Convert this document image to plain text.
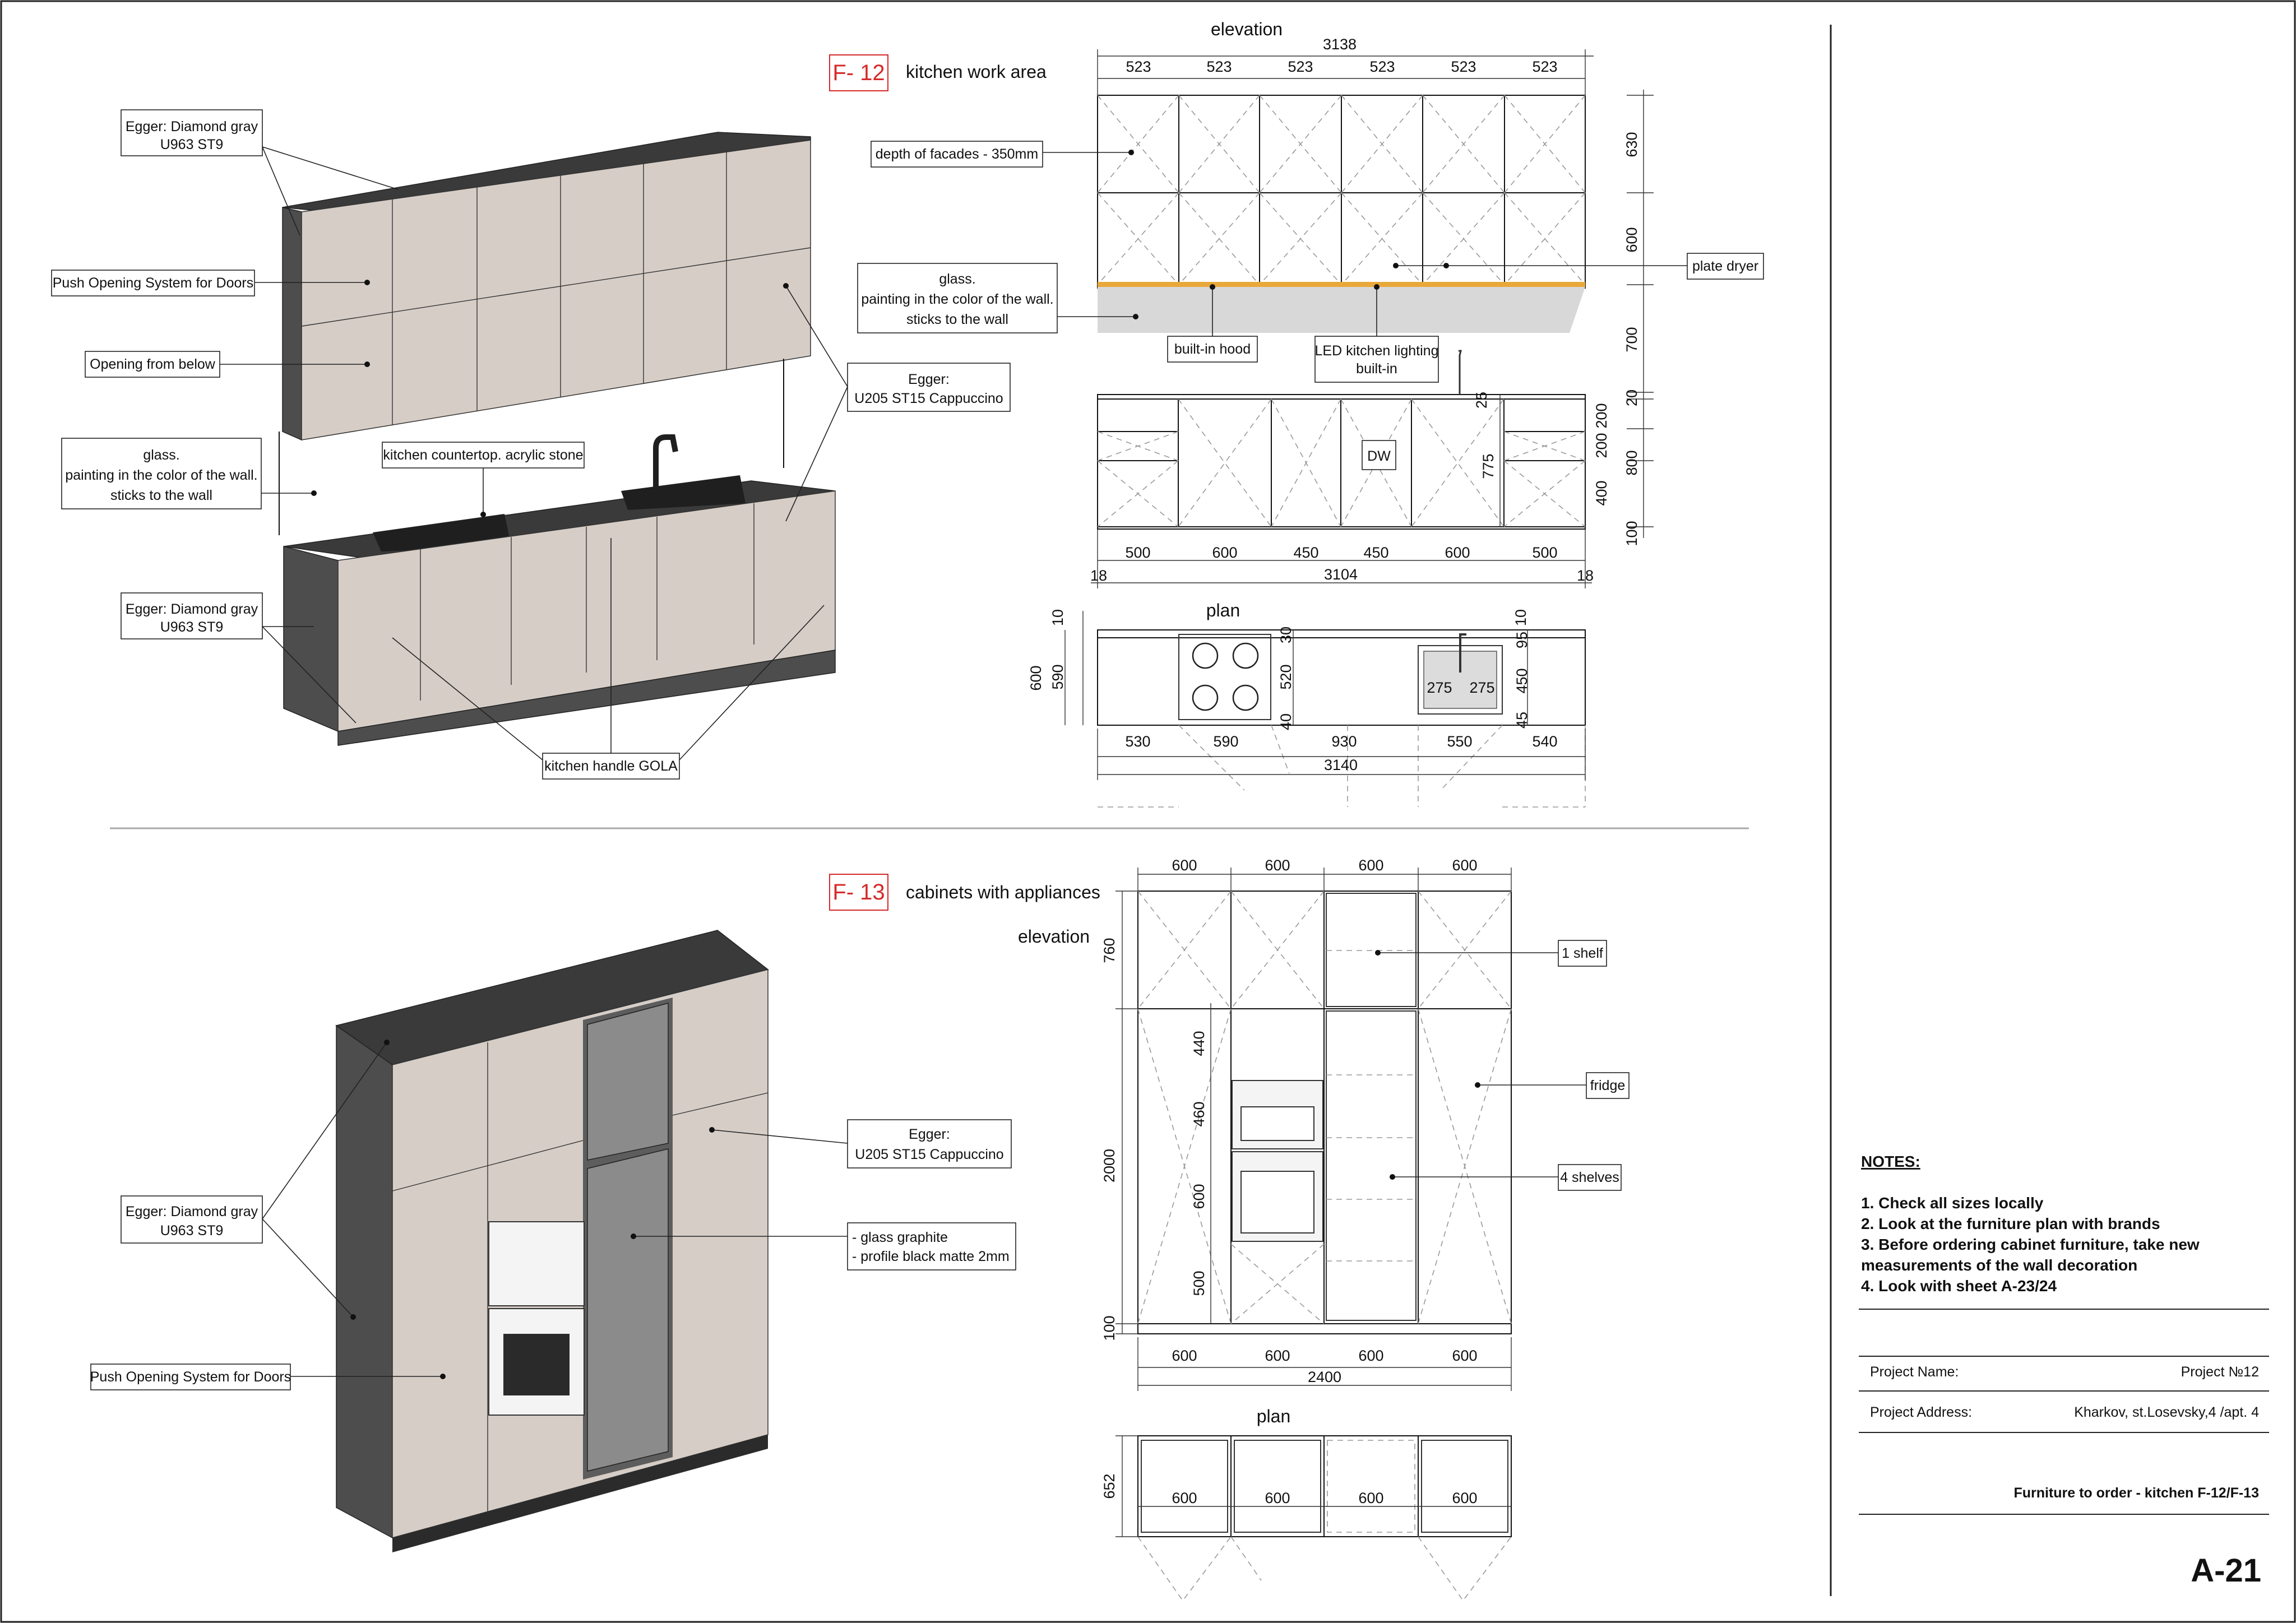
Egger: Diamond gray
U963 ST9
Push Opening System for Doors
Opening from below
glass.
painting in the color of the wall.
sticks to the wall
kitchen countertop. acrylic stone
Egger: Diamond gray
U963 ST9
kitchen handle GOLA
Egger:
U205 ST15 Cappuccino
F- 12 kitchen work area
elevation
DW
3138
523	523	523	523	523	523
630
600
700
20
25
200
200
800
400
100
775
500	600	450	450	600	500
3104
18	18
depth of facades - 350mm
glass.
painting in the color of the wall.
sticks to the wall
built-in hood	LED kitchen lighting
built-in
plate dryer
plan
600
10
590
30
520
40
275 275
95
10
450
45
530	590	930	550	540
3140
Egger: Diamond gray
U963 ST9
Push Opening System for Doors
Egger:
U205 ST15 Cappuccino
- glass graphite
- profile black matte 2mm
F- 13 cabinets with appliances
elevation
600	600	600	600
760
2000
100
440
460
600
500
600	600	600	600
2400
1 shelf
fridge
4 shelves
plan
652	600	600	600	600
NOTES:
1. Check all sizes locally
2. Look at the furniture plan with brands
3. Before ordering cabinet furniture, take new
measurements of the wall decoration
4. Look with sheet A-23/24
Project Name:	Project №12
Project Address:	Kharkov, st.Losevsky,4 /apt. 4
Furniture to order - kitchen F-12/F-13
A-21
